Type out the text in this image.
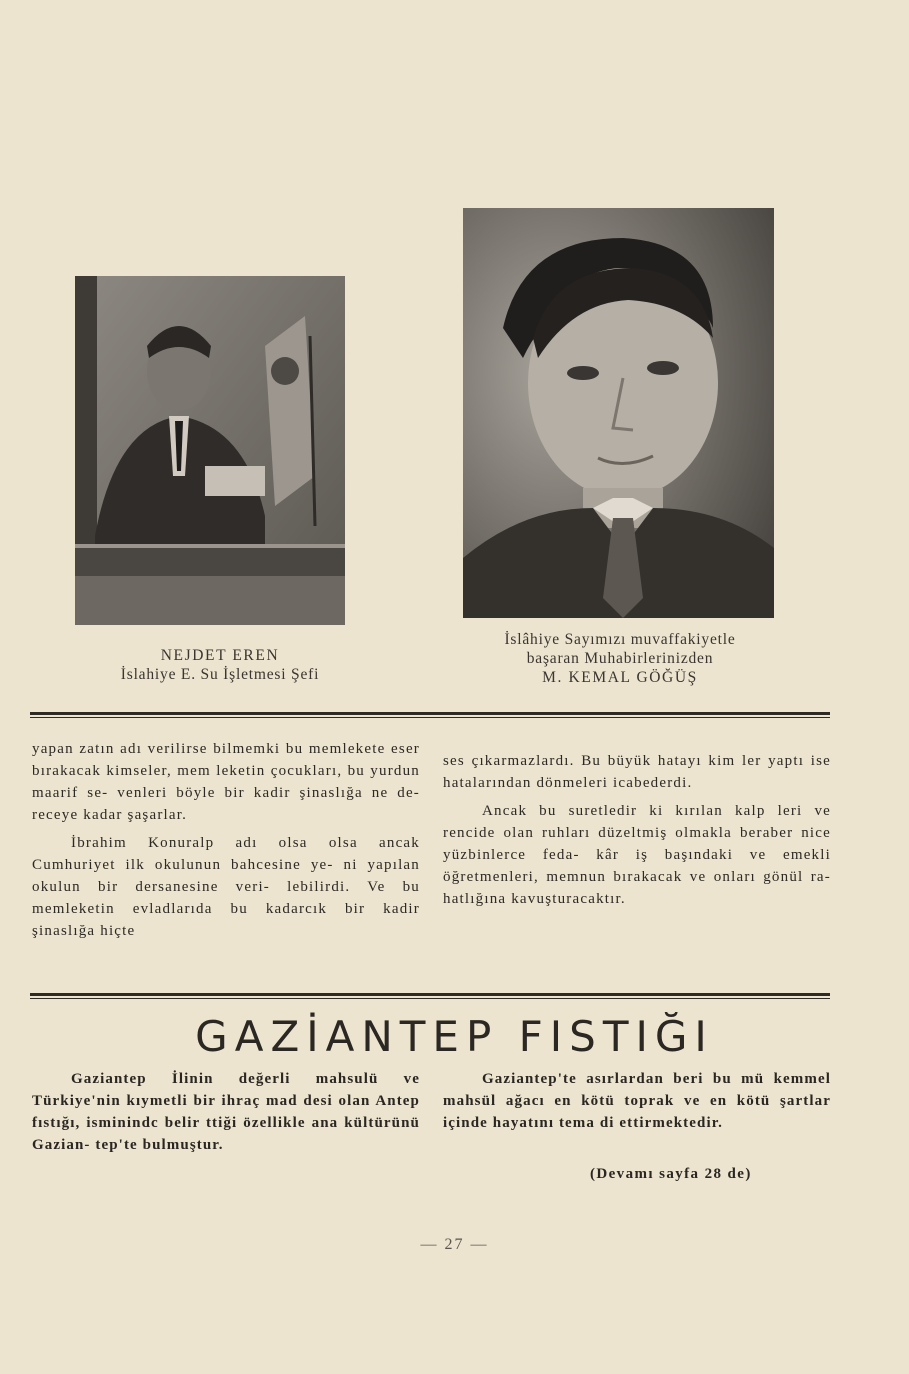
NEJDET EREN
İslahiye E. Su İşletmesi Şefi
İslâhiye Sayımızı muvaffakiyetle
başaran Muhabirlerinizden
M. KEMAL GÖĞÜŞ

yapan zatın adı verilirse bilmemki bu memlekete eser bırakacak kimseler, mem leketin çocukları, bu yurdun maarif se- venleri böyle bir kadir şinaslığa ne de- receye kadar şaşarlar.

İbrahim Konuralp adı olsa olsa ancak Cumhuriyet ilk okulunun bahcesine ye- ni yapılan okulun bir dersanesine veri- lebilirdi. Ve bu memleketin evladlarıda bu kadarcık bir kadir şinaslığa hiçte

ses çıkarmazlardı. Bu büyük hatayı kim ler yaptı ise hatalarından dönmeleri icabederdi.

Ancak bu suretledir ki kırılan kalp leri ve rencide olan ruhları düzeltmiş olmakla beraber nice yüzbinlerce feda- kâr iş başındaki ve emekli öğretmenleri, memnun bırakacak ve onları gönül ra- hatlığına kavuşturacaktır.

GAZİANTEP FISTIĞI

Gaziantep İlinin değerli mahsulü ve Türkiye'nin kıymetli bir ihraç mad desi olan Antep fıstığı, isminindc belir ttiği özellikle ana kültürünü Gazian- tep'te bulmuştur.

Gaziantep'te asırlardan beri bu mü kemmel mahsül ağacı en kötü toprak ve en kötü şartlar içinde hayatını tema di ettirmektedir.

(Devamı sayfa 28 de)
— 27 —
